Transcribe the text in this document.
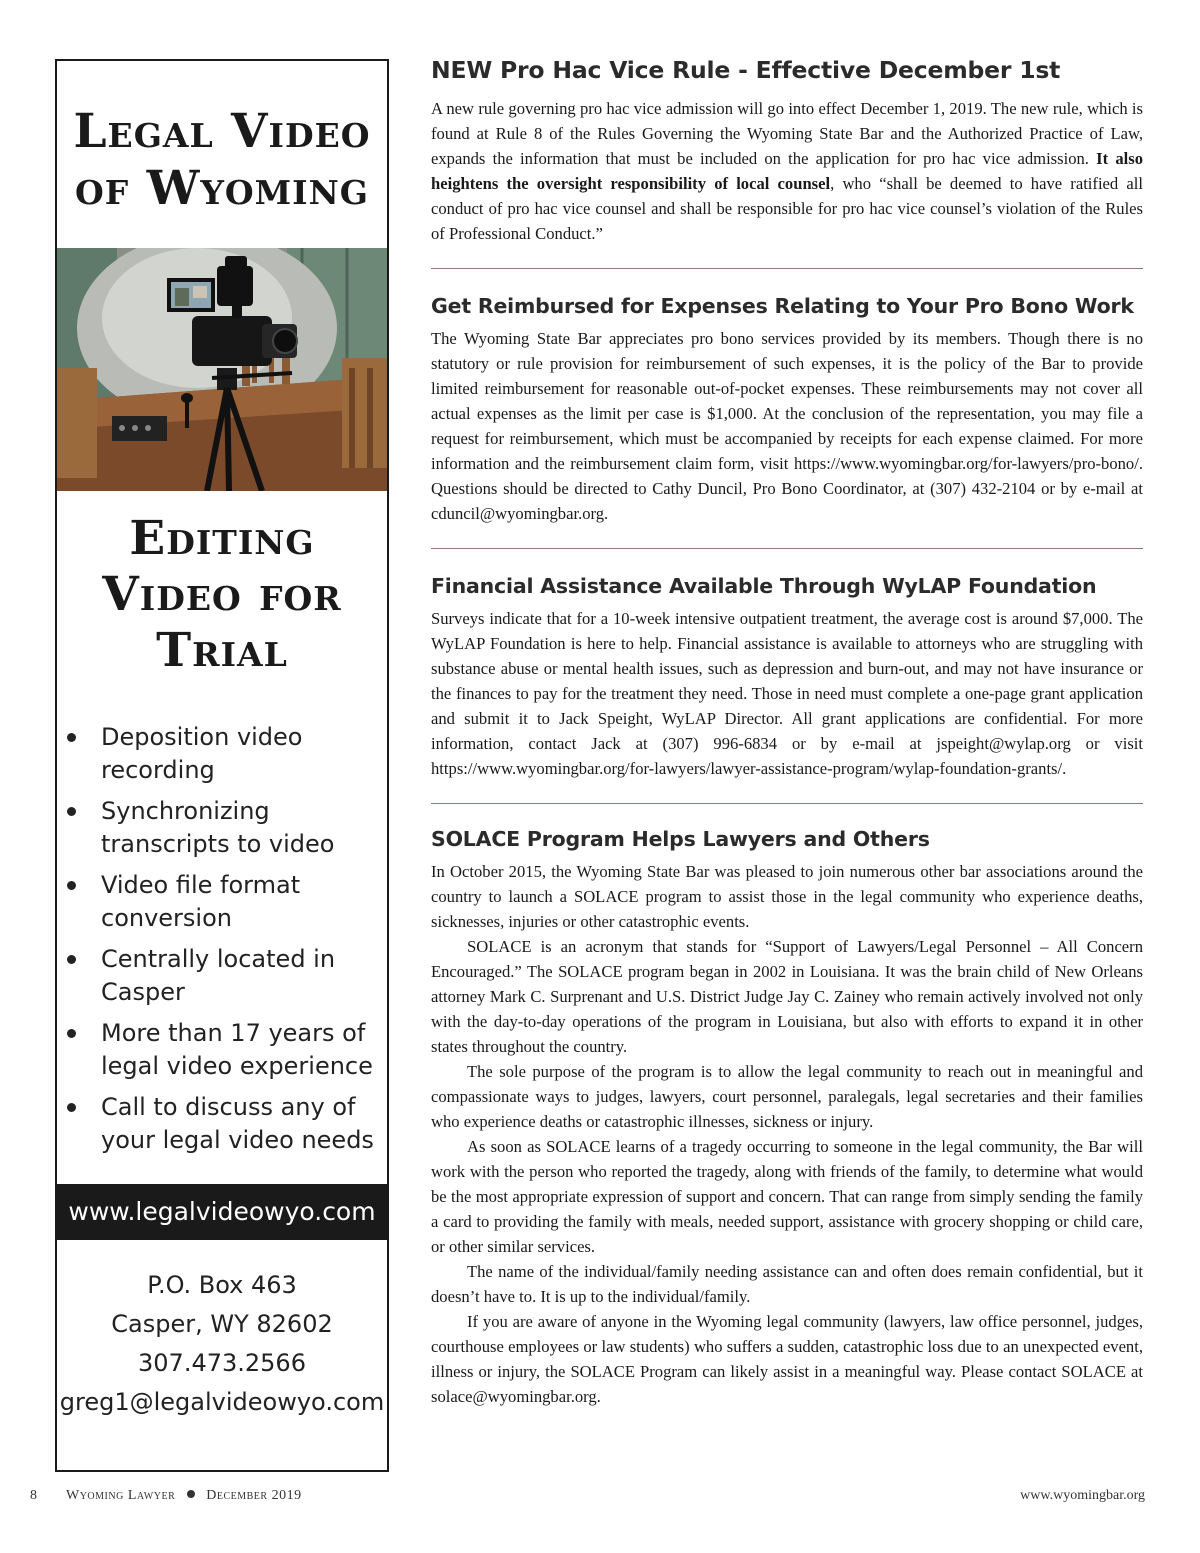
Legal Video
of Wyoming
Editing
Video for
Trial
Deposition video recording
Synchronizing transcripts to video
Video file format conversion
Centrally located in Casper
More than 17 years of legal video experience
Call to discuss any of your legal video needs
www.legalvideowyo.com
P.O. Box 463
Casper, WY 82602
307.473.2566
greg1@legalvideowyo.com
NEW Pro Hac Vice Rule - Effective December 1st

A new rule governing pro hac vice admission will go into effect December 1, 2019. The new rule, which is found at Rule 8 of the Rules Governing the Wyoming State Bar and the Authorized Practice of Law, expands the information that must be included on the application for pro hac vice admission. It also heightens the oversight responsibility of local counsel, who “shall be deemed to have ratified all conduct of pro hac vice counsel and shall be responsible for pro hac vice counsel’s violation of the Rules of Professional Conduct.”

Get Reimbursed for Expenses Relating to Your Pro Bono Work

The Wyoming State Bar appreciates pro bono services provided by its members. Though there is no statutory or rule provision for reimbursement of such expenses, it is the policy of the Bar to provide limited reimbursement for reasonable out-of-pocket expenses. These reimbursements may not cover all actual expenses as the limit per case is $1,000. At the conclusion of the representation, you may file a request for reimbursement, which must be accompanied by receipts for each expense claimed. For more information and the reimbursement claim form, visit https://www.wyomingbar.org/for-lawyers/pro-bono/. Questions should be directed to Cathy Duncil, Pro Bono Coordinator, at (307) 432-2104 or by e-mail at cduncil@wyomingbar.org.

Financial Assistance Available Through WyLAP Foundation

Surveys indicate that for a 10-week intensive outpatient treatment, the average cost is around $7,000. The WyLAP Foundation is here to help. Financial assistance is available to attorneys who are struggling with substance abuse or mental health issues, such as depression and burn-out, and may not have insurance or the finances to pay for the treatment they need. Those in need must complete a one-page grant application and submit it to Jack Speight, WyLAP Director. All grant applications are confidential. For more information, contact Jack at (307) 996-6834 or by e-mail at jspeight@wylap.org or visit https://www.wyomingbar.org/for-lawyers/lawyer-assistance-program/wylap-foundation-grants/.

SOLACE Program Helps Lawyers and Others

In October 2015, the Wyoming State Bar was pleased to join numerous other bar associations around the country to launch a SOLACE program to assist those in the legal community who experience deaths, sicknesses, injuries or other catastrophic events.

SOLACE is an acronym that stands for “Support of Lawyers/Legal Personnel – All Concern Encouraged.” The SOLACE program began in 2002 in Louisiana. It was the brain child of New Orleans attorney Mark C. Surprenant and U.S. District Judge Jay C. Zainey who remain actively involved not only with the day-to-day operations of the program in Louisiana, but also with efforts to expand it in other states throughout the country.

The sole purpose of the program is to allow the legal community to reach out in meaningful and compassionate ways to judges, lawyers, court personnel, paralegals, legal secretaries and their families who experience deaths or catastrophic illnesses, sickness or injury.

As soon as SOLACE learns of a tragedy occurring to someone in the legal community, the Bar will work with the person who reported the tragedy, along with friends of the family, to determine what would be the most appropriate expression of support and concern. That can range from simply sending the family a card to providing the family with meals, needed support, assistance with grocery shopping or child care, or other similar services.

The name of the individual/family needing assistance can and often does remain confidential, but it doesn’t have to. It is up to the individual/family.

If you are aware of anyone in the Wyoming legal community (lawyers, law office personnel, judges, courthouse employees or law students) who suffers a sudden, catastrophic loss due to an unexpected event, illness or injury, the SOLACE Program can likely assist in a meaningful way. Please contact SOLACE at solace@wyomingbar.org.

8 Wyoming Lawyer December 2019	www.wyomingbar.org
